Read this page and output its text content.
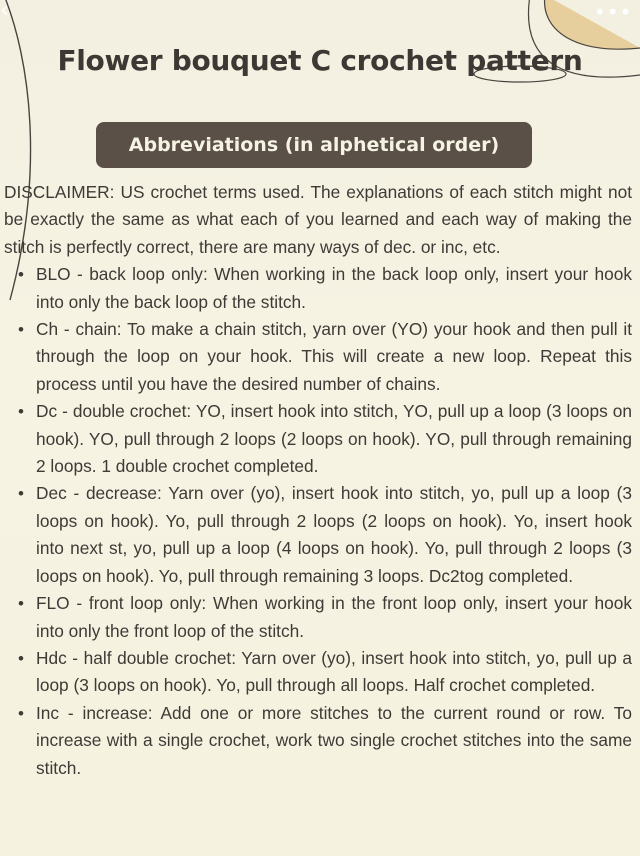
‹	•••
Flower bouquet C crochet pattern
Abbreviations (in alphetical order)

DISCLAIMER: US crochet terms used. The explanations of each stitch might not be exactly the same as what each of you learned and each way of making the stitch is perfectly correct, there are many ways of dec. or inc, etc.

• BLO - back loop only: When working in the back loop only, insert your hook into only the back loop of the stitch.
• Ch - chain: To make a chain stitch, yarn over (YO) your hook and then pull it through the loop on your hook. This will create a new loop. Repeat this process until you have the desired number of chains.
• Dc - double crochet: YO, insert hook into stitch, YO, pull up a loop (3 loops on hook). YO, pull through 2 loops (2 loops on hook). YO, pull through remaining 2 loops. 1 double crochet completed.
• Dec - decrease: Yarn over (yo), insert hook into stitch, yo, pull up a loop (3 loops on hook). Yo, pull through 2 loops (2 loops on hook). Yo, insert hook into next st, yo, pull up a loop (4 loops on hook). Yo, pull through 2 loops (3 loops on hook). Yo, pull through remaining 3 loops. Dc2tog completed.
• FLO - front loop only: When working in the front loop only, insert your hook into only the front loop of the stitch.
• Hdc - half double crochet: Yarn over (yo), insert hook into stitch, yo, pull up a loop (3 loops on hook). Yo, pull through all loops. Half crochet completed.
• Inc - increase: Add one or more stitches to the current round or row. To increase with a single crochet, work two single crochet stitches into the same stitch.
